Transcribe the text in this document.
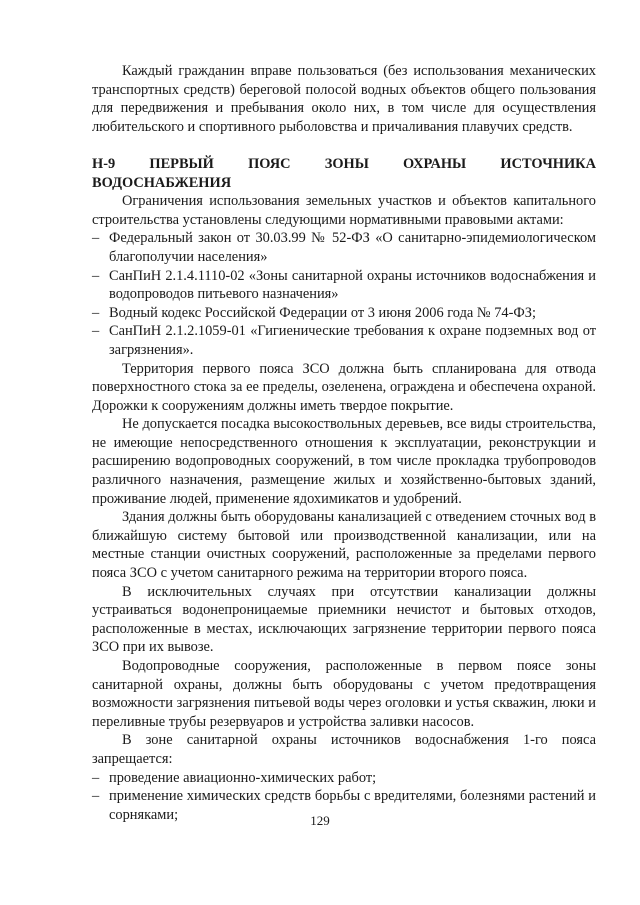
Каждый гражданин вправе пользоваться (без использования механических транспортных средств) береговой полосой водных объектов общего пользования для передвижения и пребывания около них, в том числе для осуществления любительского и спортивного рыболовства и причаливания плавучих средств.

Н-9 ПЕРВЫЙ ПОЯС ЗОНЫ ОХРАНЫ ИСТОЧНИКА
ВОДОСНАБЖЕНИЯ

Ограничения использования земельных участков и объектов капитального строительства установлены следующими нормативными правовыми актами:

– Федеральный закон от 30.03.99 № 52-ФЗ «О санитарно-эпидемиологическом благополучии населения»
– СанПиН 2.1.4.1110-02 «Зоны санитарной охраны источников водоснабжения и водопроводов питьевого назначения»
– Водный кодекс Российской Федерации от 3 июня 2006 года № 74-ФЗ;
– СанПиН 2.1.2.1059-01 «Гигиенические требования к охране подземных вод от загрязнения».

Территория первого пояса ЗСО должна быть спланирована для отвода поверхностного стока за ее пределы, озеленена, ограждена и обеспечена охраной. Дорожки к сооружениям должны иметь твердое покрытие.

Не допускается посадка высокоствольных деревьев, все виды строительства, не имеющие непосредственного отношения к эксплуатации, реконструкции и расширению водопроводных сооружений, в том числе прокладка трубопроводов различного назначения, размещение жилых и хозяйственно-бытовых зданий, проживание людей, применение ядохимикатов и удобрений.

Здания должны быть оборудованы канализацией с отведением сточных вод в ближайшую систему бытовой или производственной канализации, или на местные станции очистных сооружений, расположенные за пределами первого пояса ЗСО с учетом санитарного режима на территории второго пояса.

В исключительных случаях при отсутствии канализации должны устраиваться водонепроницаемые приемники нечистот и бытовых отходов, расположенные в местах, исключающих загрязнение территории первого пояса ЗСО при их вывозе.

Водопроводные сооружения, расположенные в первом поясе зоны санитарной охраны, должны быть оборудованы с учетом предотвращения возможности загрязнения питьевой воды через оголовки и устья скважин, люки и переливные трубы резервуаров и устройства заливки насосов.

В зоне санитарной охраны источников водоснабжения 1-го пояса запрещается:

– проведение авиационно-химических работ;
– применение химических средств борьбы с вредителями, болезнями растений и сорняками;	129
